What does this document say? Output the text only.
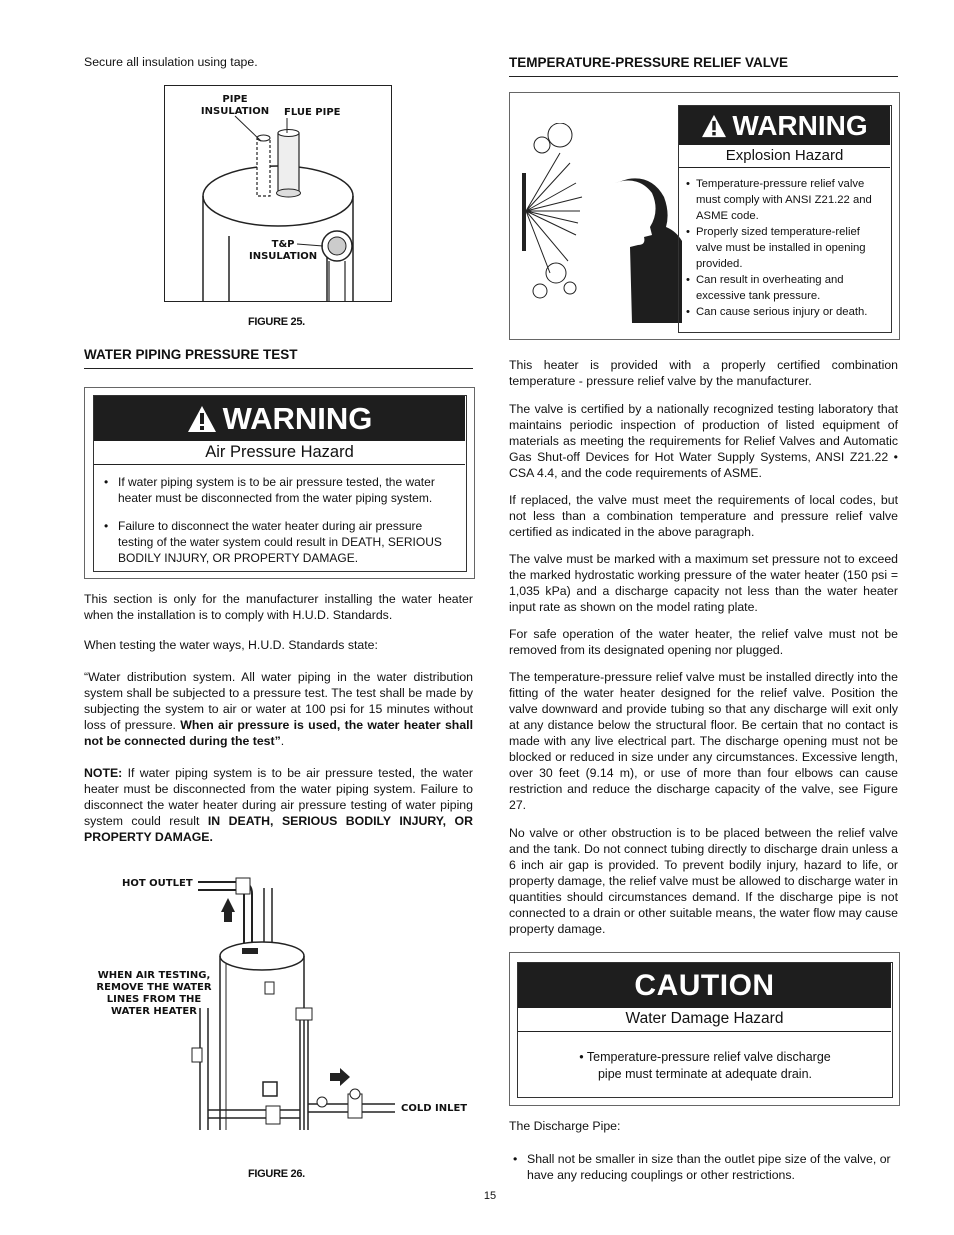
Secure all insulation using tape.

PIPE
INSULATION FLUE PIPE
T&P
INSULATION
FIGURE 25.
WATER PIPING PRESSURE TEST
WARNING
Air Pressure Hazard
• If water piping system is to be air pressure tested, the water heater must be disconnected from the water piping system.
• Failure to disconnect the water heater during air pressure testing of the water system could result in DEATH, SERIOUS BODILY INJURY, OR PROPERTY DAMAGE.

This section is only for the manufacturer installing the water heater when the installation is to comply with H.U.D. Standards.

When testing the water ways, H.U.D. Standards state:

“Water distribution system. All water piping in the water distribution system shall be subjected to a pressure test. The test shall be made by subjecting the system to air or water at 100 psi for 15 minutes without loss of pressure. When air pressure is used, the water heater shall not be connected during the test”.

NOTE: If water piping system is to be air pressure tested, the water heater must be disconnected from the water piping system. Failure to disconnect the water heater during air pressure testing of water piping system could result IN DEATH, SERIOUS BODILY INJURY, OR PROPERTY DAMAGE.

HOT OUTLET
WHEN AIR TESTING,
REMOVE THE WATER
LINES FROM THE
WATER HEATER
COLD INLET
FIGURE 26.
TEMPERATURE-PRESSURE RELIEF VALVE
WARNING
Explosion Hazard
• Temperature-pressure relief valve must comply with ANSI Z21.22 and ASME code.
• Properly sized temperature-relief valve must be installed in opening provided.
• Can result in overheating and excessive tank pressure.
• Can cause serious injury or death.

This heater is provided with a properly certified combination temperature - pressure relief valve by the manufacturer.

The valve is certified by a nationally recognized testing laboratory that maintains periodic inspection of production of listed equipment of materials as meeting the requirements for Relief Valves and Automatic Gas Shut-off Devices for Hot Water Supply Systems, ANSI Z21.22 • CSA 4.4, and the code requirements of ASME.

If replaced, the valve must meet the requirements of local codes, but not less than a combination temperature and pressure relief valve certified as indicated in the above paragraph.

The valve must be marked with a maximum set pressure not to exceed the marked hydrostatic working pressure of the water heater (150 psi = 1,035 kPa) and a discharge capacity not less than the water heater input rate as shown on the model rating plate.

For safe operation of the water heater, the relief valve must not be removed from its designated opening nor plugged.

The temperature-pressure relief valve must be installed directly into the fitting of the water heater designed for the relief valve. Position the valve downward and provide tubing so that any discharge will exit only at any distance below the structural floor. Be certain that no contact is made with any live electrical part. The discharge opening must not be blocked or reduced in size under any circumstances. Excessive length, over 30 feet (9.14 m), or use of more than four elbows can cause restriction and reduce the discharge capacity of the valve, see Figure 27.

No valve or other obstruction is to be placed between the relief valve and the tank. Do not connect tubing directly to discharge drain unless a 6 inch air gap is provided. To prevent bodily injury, hazard to life, or property damage, the relief valve must be allowed to discharge water in quantities should circumstances demand. If the discharge pipe is not connected to a drain or other suitable means, the water flow may cause property damage.

CAUTION
Water Damage Hazard
• Temperature-pressure relief valve discharge
pipe must terminate at adequate drain.

The Discharge Pipe:

• Shall not be smaller in size than the outlet pipe size of the valve, or have any reducing couplings or other restrictions.
15
